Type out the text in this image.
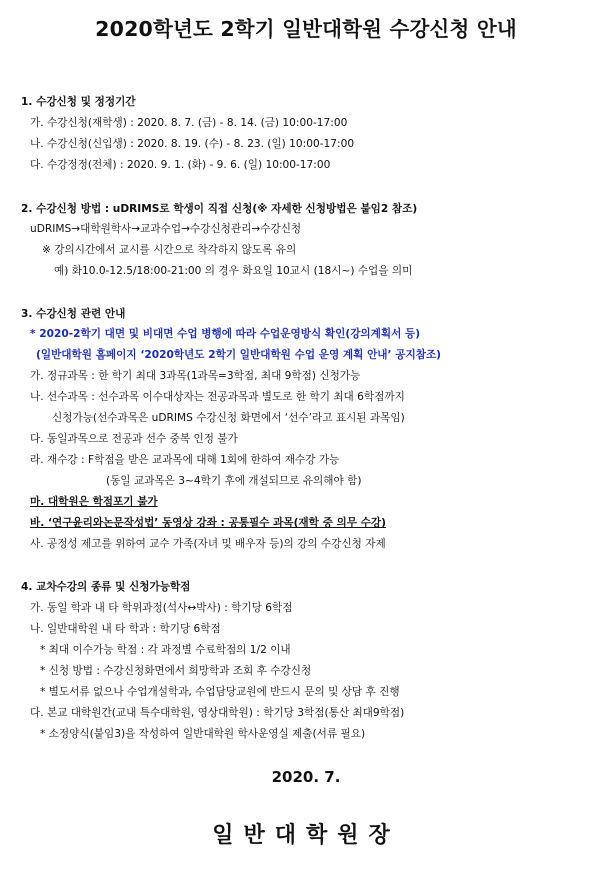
2020학년도 2학기 일반대학원 수강신청 안내
1. 수강신청 및 정정기간
가. 수강신청(재학생) : 2020. 8. 7. (금) - 8. 14. (금) 10:00-17:00
나. 수강신청(신입생) : 2020. 8. 19. (수) - 8. 23. (일) 10:00-17:00
다. 수강정정(전체) : 2020. 9. 1. (화) - 9. 6. (일) 10:00-17:00
2. 수강신청 방법 : uDRIMS로 학생이 직접 신청(※ 자세한 신청방법은 붙임2 참조)
uDRIMS→대학원학사→교과수업→수강신청관리→수강신청
※ 강의시간에서 교시를 시간으로 착각하지 않도록 유의
예) 화10.0-12.5/18:00-21:00 의 경우 화요일 10교시 (18시~) 수업을 의미
3. 수강신청 관련 안내
* 2020-2학기 대면 및 비대면 수업 병행에 따라 수업운영방식 확인(강의계획서 등)
(일반대학원 홈페이지 ‘2020학년도 2학기 일반대학원 수업 운영 계획 안내’ 공지참조)
가. 정규과목 : 한 학기 최대 3과목(1과목=3학점, 최대 9학점) 신청가능
나. 선수과목 : 선수과목 이수대상자는 전공과목과 별도로 한 학기 최대 6학점까지
신청가능(선수과목은 uDRIMS 수강신청 화면에서 ‘선수’라고 표시된 과목임)
다. 동일과목으로 전공과 선수 중복 인정 불가
라. 재수강 : F학점을 받은 교과목에 대해 1회에 한하여 재수강 가능
(동일 교과목은 3~4학기 후에 개설되므로 유의해야 함)
마. 대학원은 학점포기 불가
바. ‘연구윤리와논문작성법’ 동영상 강좌 : 공통필수 과목(재학 중 의무 수강)
사. 공정성 제고를 위하여 교수 가족(자녀 및 배우자 등)의 강의 수강신청 자제
4. 교차수강의 종류 및 신청가능학점
가. 동일 학과 내 타 학위과정(석사↔박사) : 학기당 6학점
나. 일반대학원 내 타 학과 : 학기당 6학점
* 최대 이수가능 학점 : 각 과정별 수료학점의 1/2 이내
* 신청 방법 : 수강신청화면에서 희망학과 조회 후 수강신청
* 별도서류 없으나 수업개설학과, 수업담당교원에 반드시 문의 및 상담 후 진행
다. 본교 대학원간(교내 특수대학원, 영상대학원) : 학기당 3학점(통산 최대9학점)
* 소정양식(붙임3)을 작성하여 일반대학원 학사운영실 제출(서류 필요)
2020. 7.
일반대학원장
